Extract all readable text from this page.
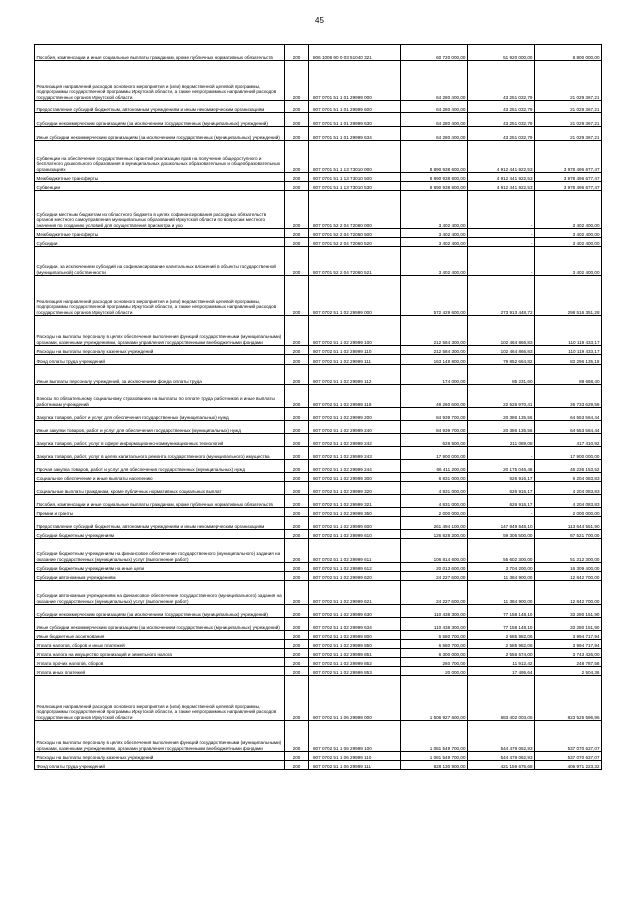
45
Пособия, компенсации и иные социальные выплаты гражданам, кроме публичных нормативных обязательств	200	806 1006 90 0 03 51040 321	60 720 000,00	51 920 000,00	8 800 000,00
Реализация направлений расходов основного мероприятия и (или) ведомственной целевой программы, подпрограммы государственной программы Иркутской области, а также непрограммных направлений расходов государственных органов Иркутской области	200	807 0701 51 1 01 29999 000	64 280 400,00	43 251 032,79	21 029 367,21
Предоставление субсидий бюджетным, автономным учреждениям и иным некоммерческим организациям	200	807 0701 51 1 01 29999 600	64 280 400,00	43 251 032,79	21 029 367,21
Субсидии некоммерческим организациям (за исключением государственных (муниципальных) учреждений)	200	807 0701 51 1 01 29999 630	64 280 400,00	43 251 032,79	21 029 367,21
Иные субсидии некоммерческим организациям (за исключением государственных (муниципальных) учреждений)	200	807 0701 51 1 01 29999 634	64 280 400,00	43 251 032,79	21 029 367,21
Субвенции на обеспечение государственных гарантий реализации прав на получение общедоступного и бесплатного дошкольного образования в муниципальных дошкольных образовательных и общеобразовательных организациях	200	807 0701 51 1 13 73010 000	8 890 938 600,00	4 912 441 922,53	3 978 496 677,47
Межбюджетные трансферты	200	807 0701 51 1 13 73010 500	8 890 938 600,00	4 912 441 922,53	3 978 496 677,47
Субвенции	200	807 0701 51 1 13 73010 530	8 890 938 600,00	4 912 441 922,53	3 978 496 677,47
Субсидии местным бюджетам из областного бюджета в целях софинансирования расходных обязательств органов местного самоуправления муниципальных образований Иркутской области по вопросам местного значения по созданию условий для осуществления присмотра и ухо	200	807 0701 52 2 04 72060 000	3 402 400,00	-	3 402 400,00
Межбюджетные трансферты	200	807 0701 52 2 04 72060 500	3 402 400,00	-	3 402 400,00
Субсидии	200	807 0701 52 2 04 72060 520	3 402 400,00	-	3 402 400,00
Субсидии, за исключением субсидий на софинансирование капитальных вложений в объекты государственной (муниципальной) собственности	200	807 0701 52 2 04 72060 521	3 402 400,00	-	3 402 400,00
Реализация направлений расходов основного мероприятия и (или) ведомственной целевой программы, подпрограммы государственной программы Иркутской области, а также непрограммных направлений расходов государственных органов Иркутской области	200	807 0702 51 1 02 29999 000	572 429 600,00	273 913 448,72	298 516 351,28
Расходы на выплаты персоналу в целях обеспечения выполнения функций государственными (муниципальными) органами, казенными учреждениями, органами управления государственными внебюджетными фондами	200	807 0702 51 1 02 29999 100	212 584 300,00	102 464 866,83	110 119 433,17
Расходы на выплаты персоналу казенных учреждений	200	807 0702 51 1 02 29999 110	212 584 300,00	102 464 866,83	110 119 433,17
Фонд оплаты труда учреждений	200	807 0702 51 1 02 29999 111	163 148 800,00	79 852 664,82	83 296 135,18
Иные выплаты персоналу учреждений, за исключением фонда оплаты труда	200	807 0702 51 1 02 29999 112	174 000,00	85 231,60	89 668,40
Взносы по обязательному социальному страхованию на выплаты по оплате труда работников и иные выплаты работникам учреждений	200	807 0702 51 1 02 29999 119	49 260 600,00	22 526 970,41	26 733 629,59
Закупка товаров, работ и услуг для обеспечения государственных (муниципальных) нужд	200	807 0702 51 1 02 29999 200	84 939 700,00	20 386 135,56	64 553 564,44
Иные закупки товаров, работ и услуг для обеспечения государственных (муниципальных) нужд	200	807 0702 51 1 02 29999 240	84 939 700,00	20 386 135,56	64 553 564,44
Закупка товаров, работ, услуг в сфере информационно-коммуникационных технологий	200	807 0702 51 1 02 29999 242	628 500,00	211 089,08	417 410,92
Закупка товаров, работ, услуг в целях капитального ремонта государственного (муниципального) имущества	200	807 0702 51 1 02 29999 243	17 900 000,00	-	17 900 000,00
Прочая закупка товаров, работ и услуг для обеспечения государственных (муниципальных) нужд	200	807 0702 51 1 02 29999 244	66 411 200,00	20 175 046,48	46 236 153,52
Социальное обеспечение и иные выплаты населению	200	807 0702 51 1 02 29999 300	6 831 000,00	626 916,17	6 204 083,83
Социальные выплаты гражданам, кроме публичных нормативных социальных выплат	200	807 0702 51 1 02 29999 320	4 831 000,00	626 916,17	4 204 083,83
Пособия, компенсации и иные социальные выплаты гражданам, кроме публичных нормативных обязательств	200	807 0702 51 1 02 29999 321	4 831 000,00	626 916,17	4 204 083,83
Премии и гранты	200	807 0702 51 1 02 29999 350	2 000 000,00	-	2 000 000,00
Предоставление субсидий бюджетным, автономным учреждениям и иным некоммерческим организациям	200	807 0702 51 1 02 29999 600	261 494 100,00	147 849 548,10	113 644 551,90
Субсидии бюджетным учреждениям	200	807 0702 51 1 02 29999 610	126 828 200,00	59 306 500,00	67 521 700,00
Субсидии бюджетным учреждениям на финансовое обеспечение государственного (муниципального) задания на оказание государственных (муниципальных) услуг (выполнение работ)	200	807 0702 51 1 02 29999 611	106 814 600,00	55 602 300,00	51 212 300,00
Субсидии бюджетным учреждениям на иные цели	200	807 0702 51 1 02 29999 612	20 013 600,00	3 704 200,00	16 309 400,00
Субсидии автономным учреждениям	200	807 0702 51 1 02 29999 620	24 227 600,00	11 384 900,00	12 842 700,00
Субсидии автономным учреждениям на финансовое обеспечение государственного (муниципального) задания на оказание государственных (муниципальных) услуг (выполнение работ)	200	807 0702 51 1 02 29999 621	24 227 600,00	11 384 900,00	12 842 700,00
Субсидии некоммерческим организациям (за исключением государственных (муниципальных) учреждений)	200	807 0702 51 1 02 29999 630	110 438 300,00	77 158 148,10	33 280 151,90
Иные субсидии некоммерческим организациям (за исключением государственных (муниципальных) учреждений)	200	807 0702 51 1 02 29999 634	110 438 300,00	77 158 148,10	33 280 151,90
Иные бюджетные ассигнования	200	807 0702 51 1 02 29999 800	6 580 700,00	2 585 982,06	3 994 717,94
Уплата налогов, сборов и иных платежей	200	807 0702 51 1 02 29999 850	6 580 700,00	2 585 982,06	3 994 717,94
Уплата налога на имущество организаций и земельного налога	200	807 0702 51 1 02 29999 851	6 300 000,00	2 556 574,00	3 743 426,00
Уплата прочих налогов, сборов	200	807 0702 51 1 02 29999 852	260 700,00	11 912,42	248 787,58
Уплата иных платежей	200	807 0702 51 1 02 29999 853	20 000,00	17 495,64	2 504,36
Реализация направлений расходов основного мероприятия и (или) ведомственной целевой программы, подпрограммы государственной программы Иркутской области, а также непрограммных направлений расходов государственных органов Иркутской области	200	807 0702 51 1 06 29999 000	1 506 927 600,00	683 402 003,05	823 525 596,95
Расходы на выплаты персоналу в целях обеспечения выполнения функций государственными (муниципальными) органами, казенными учреждениями, органами управления государственными внебюджетными фондами	200	807 0702 51 1 06 29999 100	1 081 549 700,00	544 479 062,93	537 070 637,07
Расходы на выплаты персоналу казенных учреждений	200	807 0702 51 1 06 29999 110	1 081 549 700,00	544 479 062,93	537 070 637,07
Фонд оплаты труда учреждений	200	807 0702 51 1 06 29999 111	828 130 900,00	421 159 676,68	406 971 223,32
